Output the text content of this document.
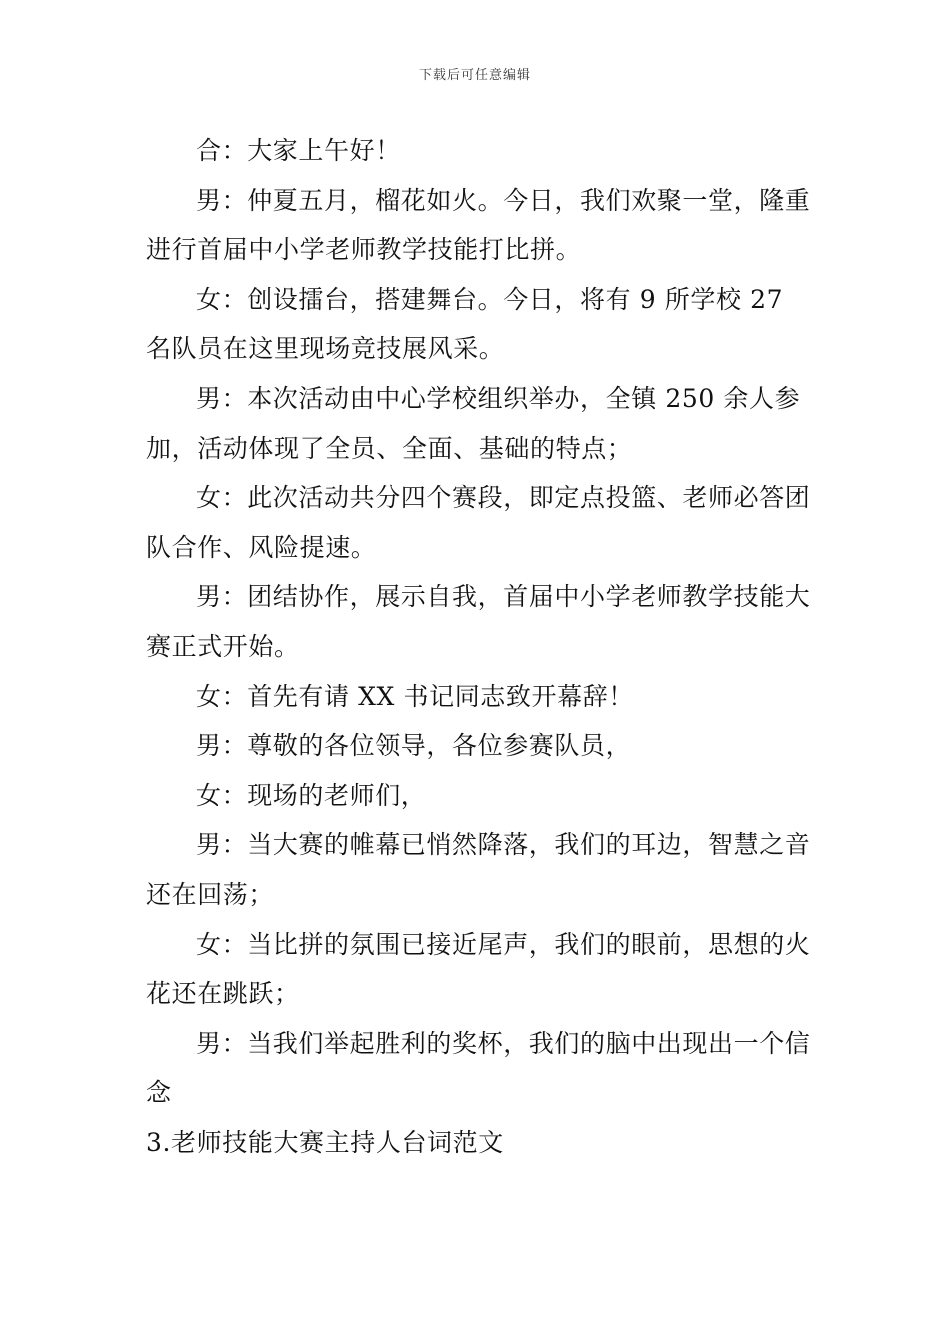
下载后可任意编辑

合：大家上午好！

男：仲夏五月，榴花如火。今日，我们欢聚一堂，隆重进行首届中小学老师教学技能打比拼。

女：创设擂台，搭建舞台。今日，将有 9 所学校 27 名队员在这里现场竞技展风采。

男：本次活动由中心学校组织举办，全镇 250 余人参加，活动体现了全员、全面、基础的特点；

女：此次活动共分四个赛段，即定点投篮、老师必答团队合作、风险提速。

男：团结协作，展示自我，首届中小学老师教学技能大赛正式开始。

女：首先有请 XX 书记同志致开幕辞！

男：尊敬的各位领导，各位参赛队员，

女：现场的老师们，

男：当大赛的帷幕已悄然降落，我们的耳边，智慧之音还在回荡；

女：当比拼的氛围已接近尾声，我们的眼前，思想的火花还在跳跃；

男：当我们举起胜利的奖杯，我们的脑中出现出一个信念

3.老师技能大赛主持人台词范文
